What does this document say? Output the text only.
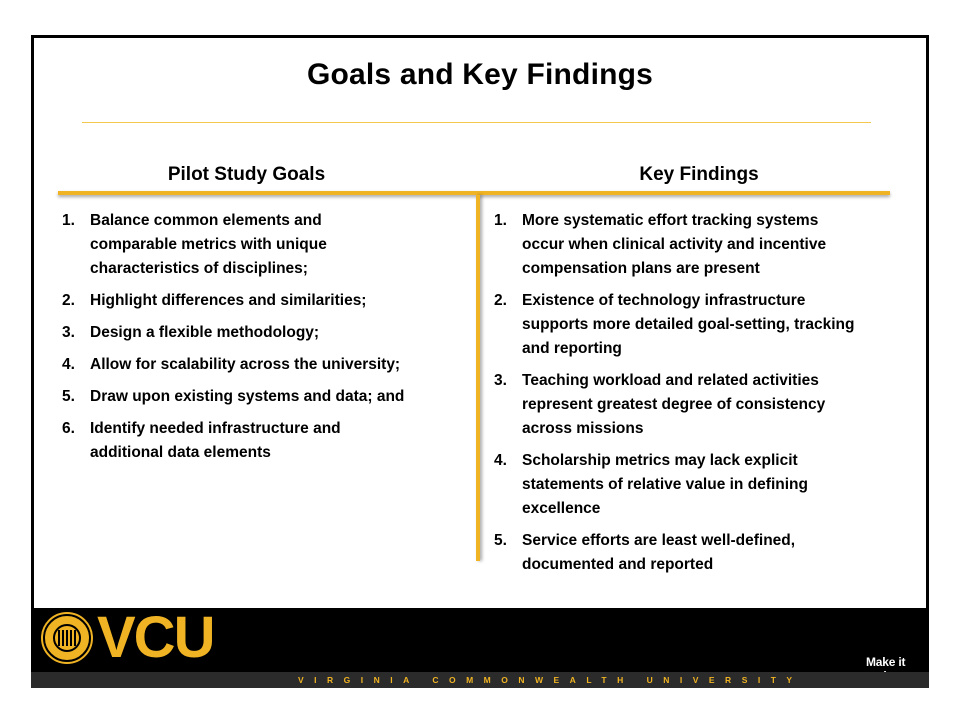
Goals and Key Findings
Pilot Study Goals	Key Findings
1. Balance common elements and comparable metrics with unique characteristics of disciplines;
2. Highlight differences and similarities;
3. Design a flexible methodology;
4. Allow for scalability across the university;
5. Draw upon existing systems and data; and
6. Identify needed infrastructure and additional data elements
1. More systematic effort tracking systems occur when clinical activity and incentive compensation plans are present
2. Existence of technology infrastructure supports more detailed goal-setting, tracking and reporting
3. Teaching workload and related activities represent greatest degree of consistency across missions
4. Scholarship metrics may lack explicit statements of relative value in defining excellence
5. Service efforts are least well-defined, documented and reported
VCU	Make it
VIRGINIA COMMONWEALTH UNIVERSITY
